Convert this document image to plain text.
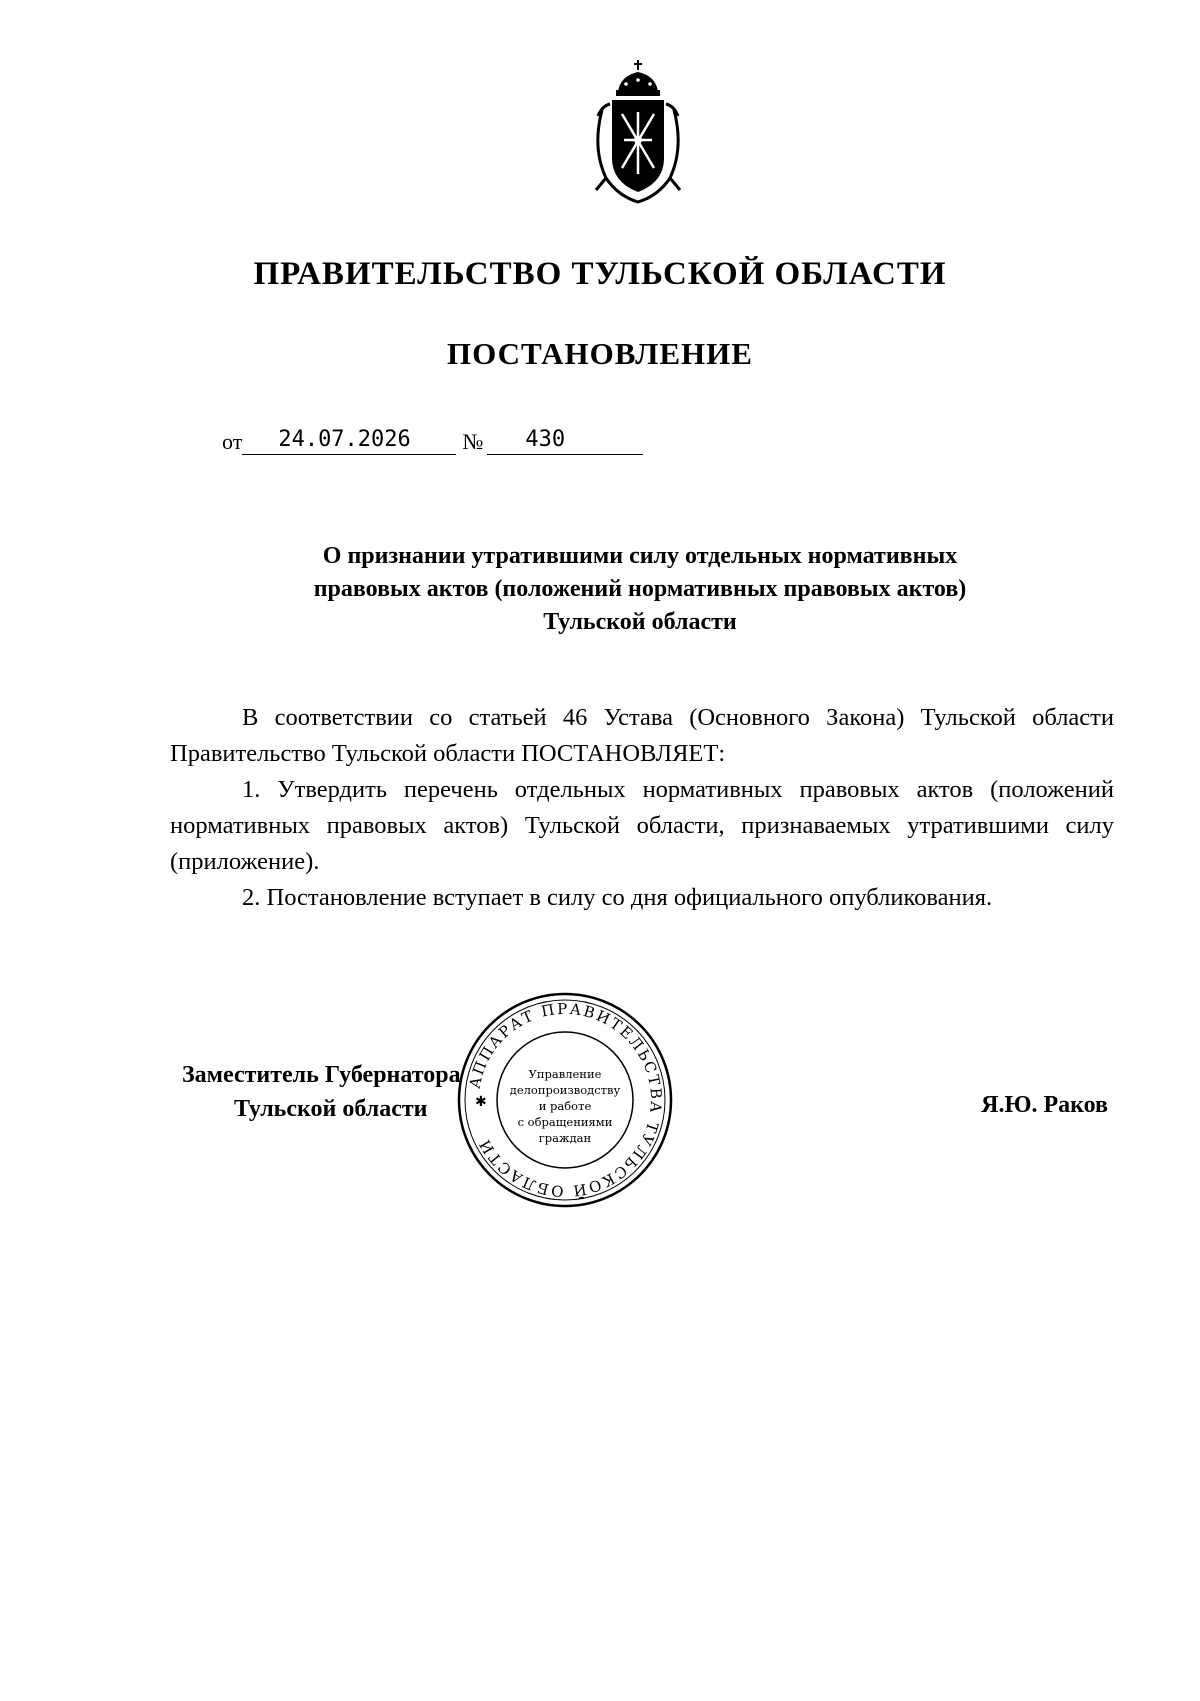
ПРАВИТЕЛЬСТВО ТУЛЬСКОЙ ОБЛАСТИ
ПОСТАНОВЛЕНИЕ
от 24.07.2026 № 430
О признании утратившими силу отдельных нормативных
правовых актов (положений нормативных правовых актов)
Тульской области

В соответствии со статьей 46 Устава (Основного Закона) Тульской области Правительство Тульской области ПОСТАНОВЛЯЕТ:

1. Утвердить перечень отдельных нормативных правовых актов (положений нормативных правовых актов) Тульской области, признаваемых утратившими силу (приложение).

2. Постановление вступает в силу со дня официального опубликования.

Заместитель Губернатора
Тульской области	Я.Ю. Раков
АППАРАТ ПРАВИТЕЛЬСТВА ТУЛЬСКОЙ ОБЛАСТИ
✱
Управление
делопроизводству
и работе
с обращениями
граждан
